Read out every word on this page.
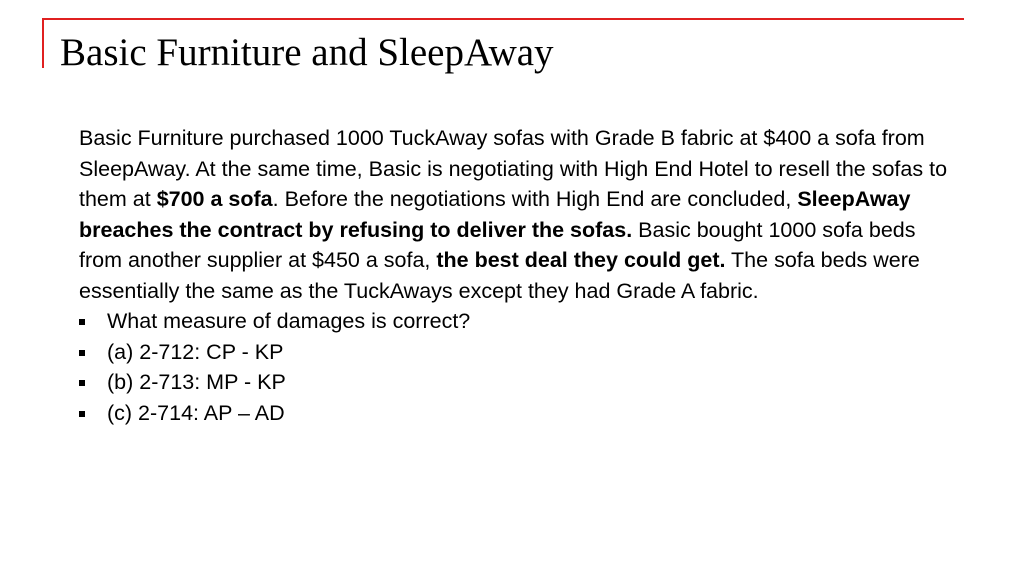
Basic Furniture and SleepAway

Basic Furniture purchased 1000 TuckAway sofas with Grade B fabric at $400 a sofa from SleepAway. At the same time, Basic is negotiating with High End Hotel to resell the sofas to them at $700 a sofa. Before the negotiations with High End are concluded, SleepAway breaches the contract by refusing to deliver the sofas. Basic bought 1000 sofa beds from another supplier at $450 a sofa, the best deal they could get. The sofa beds were essentially the same as the TuckAways except they had Grade A fabric.

What measure of damages is correct?
(a) 2-712: CP - KP
(b) 2-713: MP - KP
(c) 2-714: AP – AD
